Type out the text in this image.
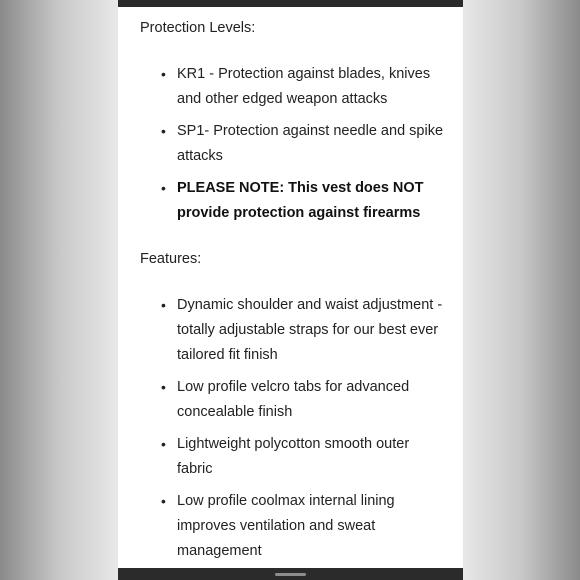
Protection Levels:

• KR1 - Protection against blades, knives and other edged weapon attacks
• SP1- Protection against needle and spike attacks
• PLEASE NOTE: This vest does NOT provide protection against firearms

Features:

• Dynamic shoulder and waist adjustment - totally adjustable straps for our best ever tailored fit finish
• Low profile velcro tabs for advanced concealable finish
• Lightweight polycotton smooth outer fabric
• Low profile coolmax internal lining improves ventilation and sweat management
